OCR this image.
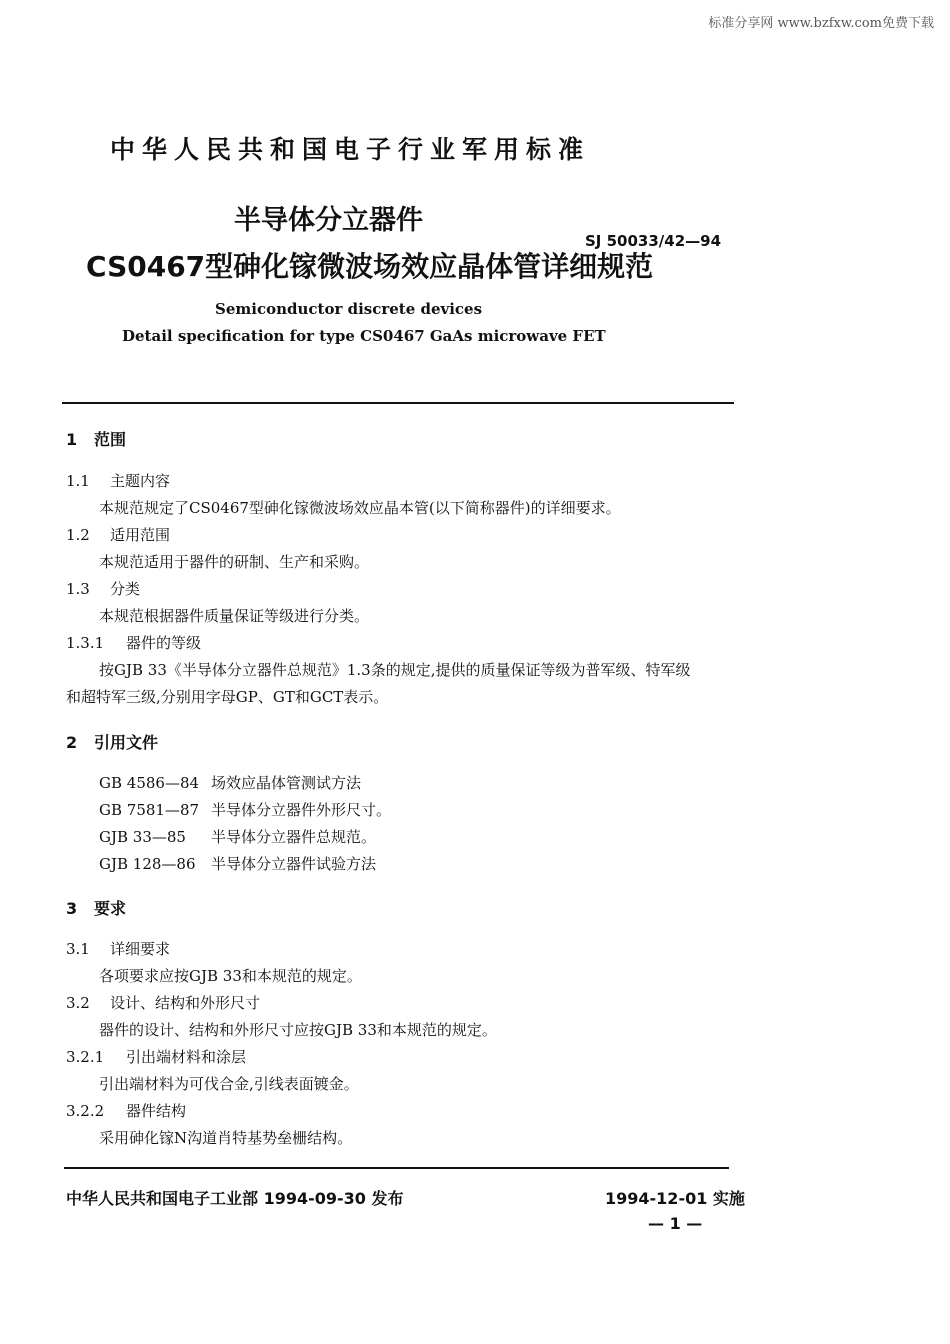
标准分享网 www.bzfxw.com免费下载
中华人民共和国电子行业军用标准
半导体分立器件
CS0467型砷化镓微波场效应晶体管详细规范
SJ 50033/42—94
Semiconductor discrete devices
Detail specification for type CS0467 GaAs microwave FET
1 范围
1.1 主题内容
本规范规定了CS0467型砷化镓微波场效应晶本管(以下简称器件)的详细要求。
1.2 适用范围
本规范适用于器件的研制、生产和采购。
1.3 分类
本规范根据器件质量保证等级进行分类。
1.3.1 器件的等级
按GJB 33《半导体分立器件总规范》1.3条的规定,提供的质量保证等级为普军级、特军级
和超特军三级,分别用字母GP、GT和GCT表示。
2 引用文件
GB 4586—84 场效应晶体管测试方法
GB 7581—87 半导体分立器件外形尺寸。
GJB 33—85 半导体分立器件总规范。
GJB 128—86 半导体分立器件试验方法
3 要求
3.1 详细要求
各项要求应按GJB 33和本规范的规定。
3.2 设计、结构和外形尺寸
器件的设计、结构和外形尺寸应按GJB 33和本规范的规定。
3.2.1 引出端材料和涂层
引出端材料为可伐合金,引线表面镀金。
3.2.2 器件结构
采用砷化镓N沟道肖特基势垒栅结构。
中华人民共和国电子工业部 1994-09-30 发布	1994-12-01 实施
— 1 —
